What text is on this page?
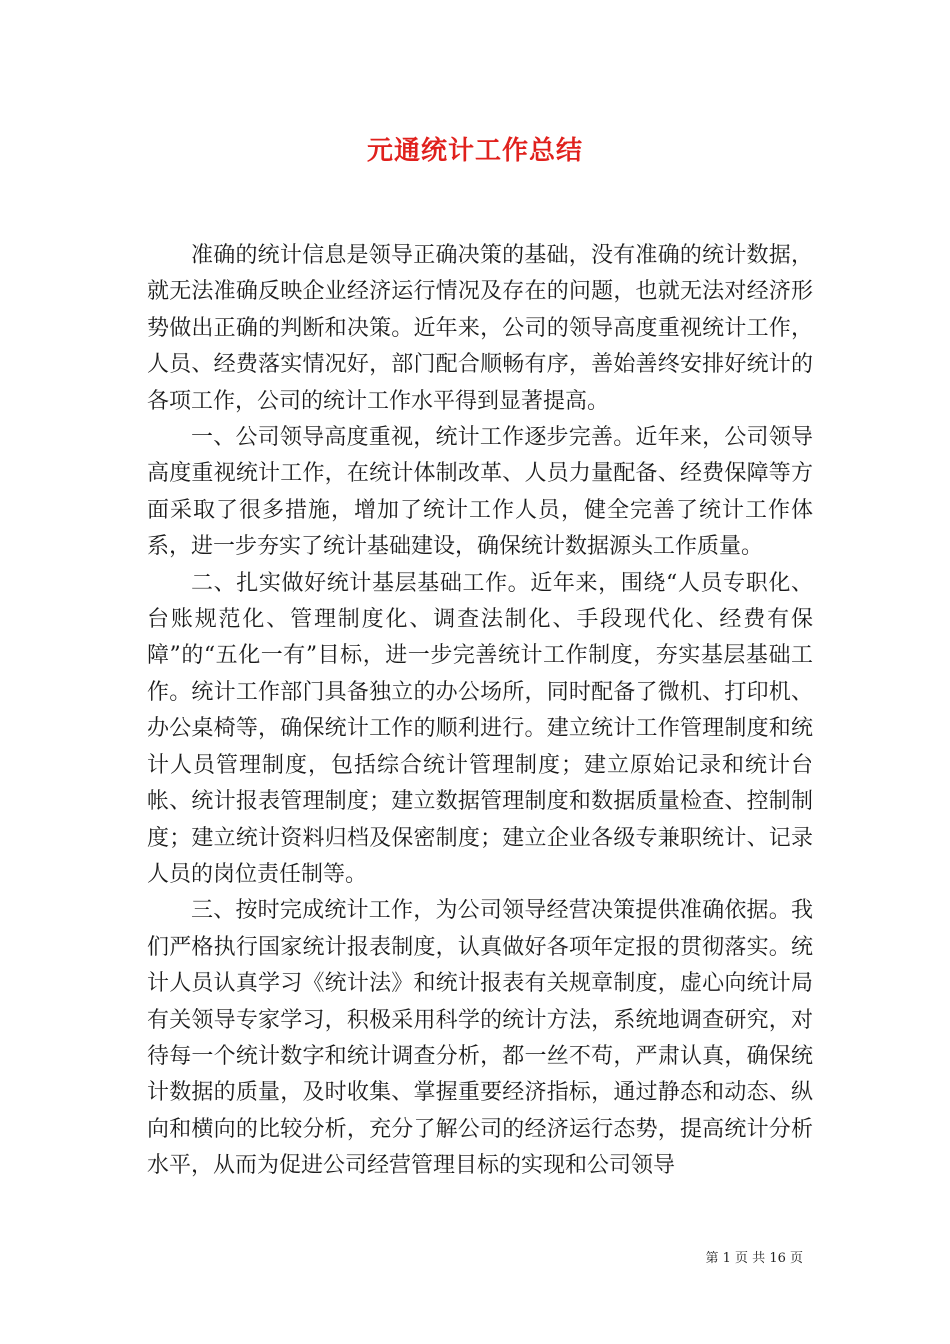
元通统计工作总结

准确的统计信息是领导正确决策的基础，没有准确的统计数据，就无法准确反映企业经济运行情况及存在的问题，也就无法对经济形势做出正确的判断和决策。近年来，公司的领导高度重视统计工作，人员、经费落实情况好，部门配合顺畅有序，善始善终安排好统计的各项工作，公司的统计工作水平得到显著提高。

一、公司领导高度重视，统计工作逐步完善。近年来，公司领导高度重视统计工作，在统计体制改革、人员力量配备、经费保障等方面采取了很多措施，增加了统计工作人员，健全完善了统计工作体系，进一步夯实了统计基础建设，确保统计数据源头工作质量。

二、扎实做好统计基层基础工作。近年来，围绕“人员专职化、台账规范化、管理制度化、调查法制化、手段现代化、经费有保障”的“五化一有”目标，进一步完善统计工作制度，夯实基层基础工作。统计工作部门具备独立的办公场所，同时配备了微机、打印机、办公桌椅等，确保统计工作的顺利进行。建立统计工作管理制度和统计人员管理制度，包括综合统计管理制度；建立原始记录和统计台帐、统计报表管理制度；建立数据管理制度和数据质量检查、控制制度；建立统计资料归档及保密制度；建立企业各级专兼职统计、记录人员的岗位责任制等。

三、按时完成统计工作，为公司领导经营决策提供准确依据。我们严格执行国家统计报表制度，认真做好各项年定报的贯彻落实。统计人员认真学习《统计法》和统计报表有关规章制度，虚心向统计局有关领导专家学习，积极采用科学的统计方法，系统地调查研究，对待每一个统计数字和统计调查分析，都一丝不苟，严肃认真，确保统计数据的质量，及时收集、掌握重要经济指标，通过静态和动态、纵向和横向的比较分析，充分了解公司的经济运行态势，提高统计分析水平，从而为促进公司经营管理目标的实现和公司领导

第 1 页 共 16 页
